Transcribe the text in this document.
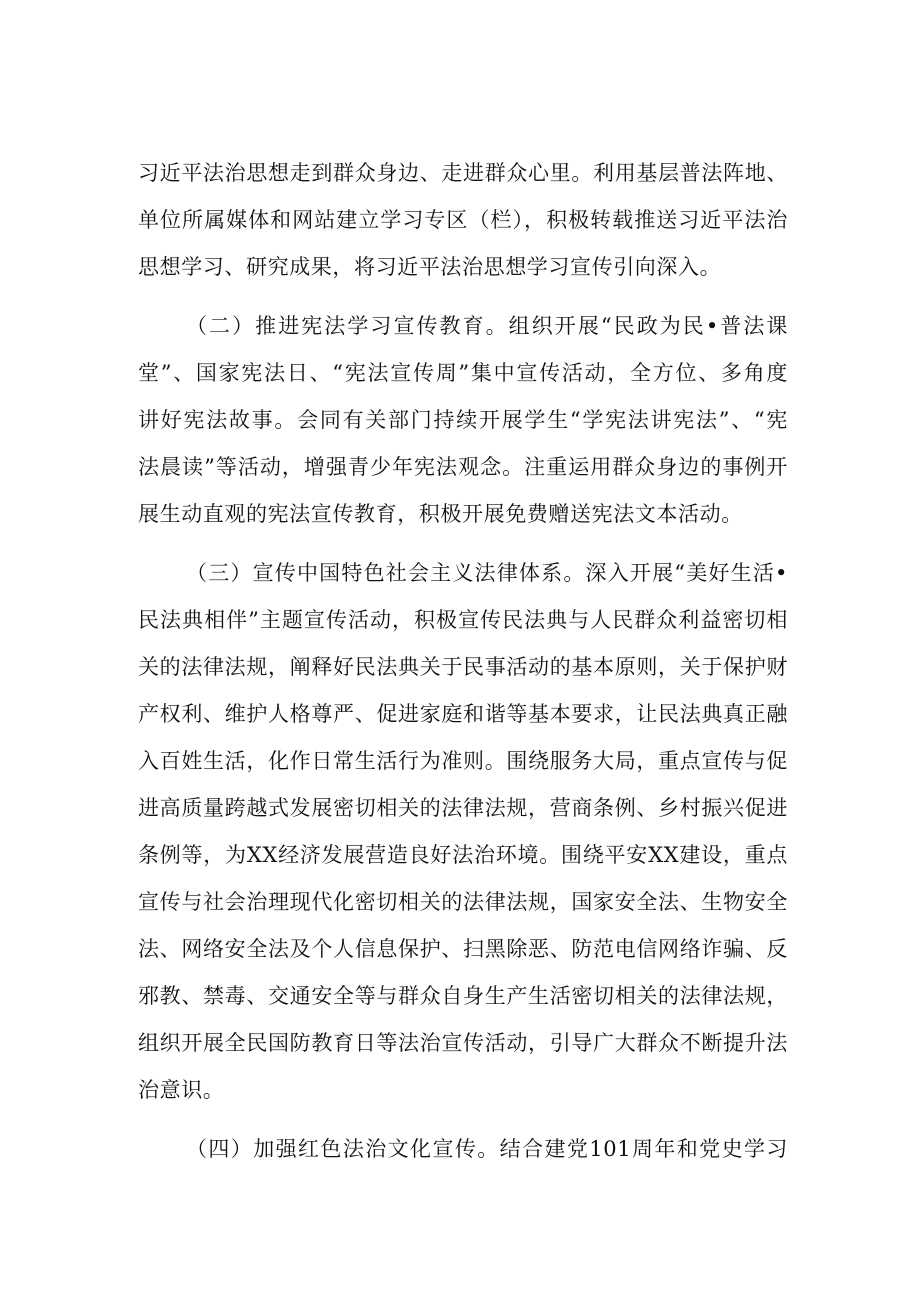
习近平法治思想走到群众身边、走进群众心里。利用基层普法阵地、
单位所属媒体和网站建立学习专区（栏），积极转载推送习近平法治
思想学习、研究成果，将习近平法治思想学习宣传引向深入。
（二）推进宪法学习宣传教育。组织开展“民政为民•普法课
堂”、国家宪法日、“宪法宣传周”集中宣传活动，全方位、多角度
讲好宪法故事。会同有关部门持续开展学生“学宪法讲宪法”、“宪
法晨读”等活动，增强青少年宪法观念。注重运用群众身边的事例开
展生动直观的宪法宣传教育，积极开展免费赠送宪法文本活动。
（三）宣传中国特色社会主义法律体系。深入开展“美好生活•
民法典相伴”主题宣传活动，积极宣传民法典与人民群众利益密切相
关的法律法规，阐释好民法典关于民事活动的基本原则，关于保护财
产权利、维护人格尊严、促进家庭和谐等基本要求，让民法典真正融
入百姓生活，化作日常生活行为准则。围绕服务大局，重点宣传与促
进高质量跨越式发展密切相关的法律法规，营商条例、乡村振兴促进
条例等，为XX经济发展营造良好法治环境。围绕平安XX建设，重点
宣传与社会治理现代化密切相关的法律法规，国家安全法、生物安全
法、网络安全法及个人信息保护、扫黑除恶、防范电信网络诈骗、反
邪教、禁毒、交通安全等与群众自身生产生活密切相关的法律法规，
组织开展全民国防教育日等法治宣传活动，引导广大群众不断提升法
治意识。
（四）加强红色法治文化宣传。结合建党101周年和党史学习
